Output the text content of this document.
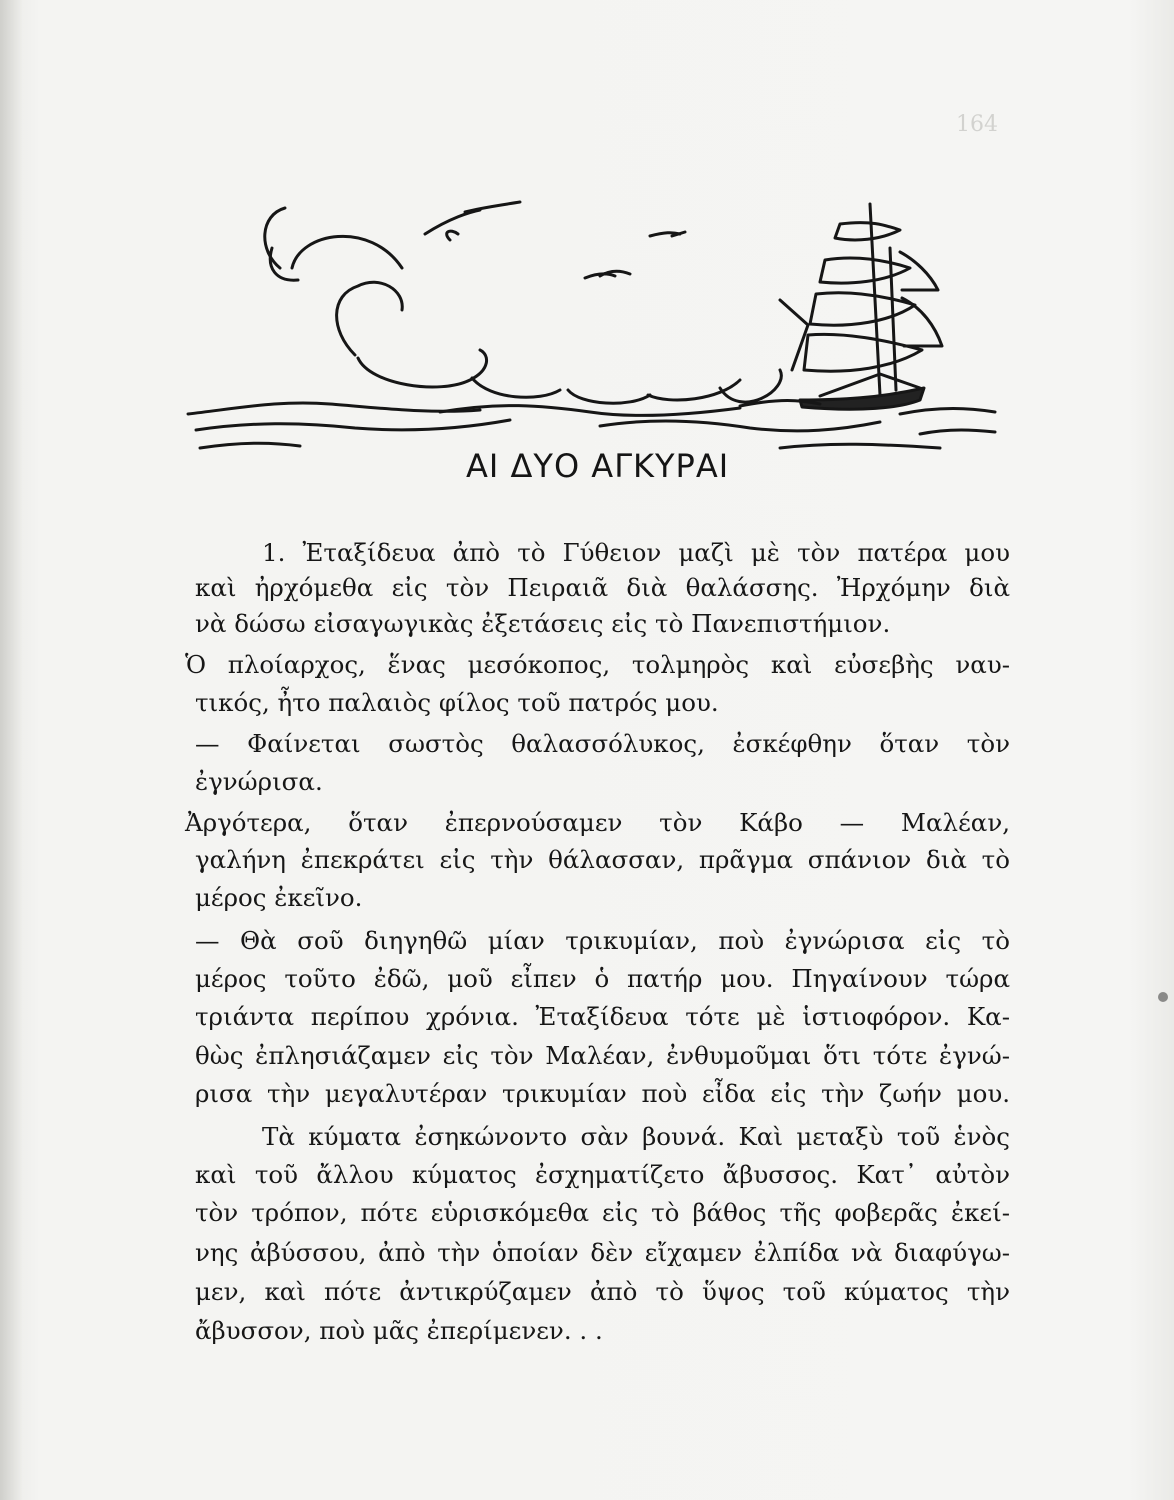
164
ΑΙ ΔΥΟ ΑΓΚΥΡΑΙ
1. Ἐταξίδευα ἀπὸ τὸ Γύθειον μαζὶ μὲ τὸν πατέρα μου
καὶ ἠρχόμεθα εἰς τὸν Πειραιᾶ διὰ θαλάσσης. Ἠρχόμην διὰ
νὰ δώσω εἰσαγωγικὰς ἐξετάσεις εἰς τὸ Πανεπιστήμιον.
Ὁ πλοίαρχος, ἕνας μεσόκοπος, τολμηρὸς καὶ εὐσεβὴς ναυ-
τικός, ἦτο παλαιὸς φίλος τοῦ πατρός μου.
— Φαίνεται σωστὸς θαλασσόλυκος, ἐσκέφθην ὅταν τὸν
ἐγνώρισα.
Ἀργότερα, ὅταν ἐπερνούσαμεν τὸν Κάβο — Μαλέαν,
γαλήνη ἐπεκράτει εἰς τὴν θάλασσαν, πρᾶγμα σπάνιον διὰ τὸ
μέρος ἐκεῖνο.
— Θὰ σοῦ διηγηθῶ μίαν τρικυμίαν, ποὺ ἐγνώρισα εἰς τὸ
μέρος τοῦτο ἐδῶ, μοῦ εἶπεν ὁ πατήρ μου. Πηγαίνουν τώρα
τριάντα περίπου χρόνια. Ἐταξίδευα τότε μὲ ἱστιοφόρον. Κα-
θὼς ἐπλησιάζαμεν εἰς τὸν Μαλέαν, ἐνθυμοῦμαι ὅτι τότε ἐγνώ-
ρισα τὴν μεγαλυτέραν τρικυμίαν ποὺ εἶδα εἰς τὴν ζωήν μου.
Τὰ κύματα ἐσηκώνοντο σὰν βουνά. Καὶ μεταξὺ τοῦ ἑνὸς
καὶ τοῦ ἄλλου κύματος ἐσχηματίζετο ἄβυσσος. Κατ᾽ αὐτὸν
τὸν τρόπον, πότε εὑρισκόμεθα εἰς τὸ βάθος τῆς φοβερᾶς ἐκεί-
νης ἀβύσσου, ἀπὸ τὴν ὁποίαν δὲν εἴχαμεν ἐλπίδα νὰ διαφύγω-
μεν, καὶ πότε ἀντικρύζαμεν ἀπὸ τὸ ὕψος τοῦ κύματος τὴν
ἄβυσσον, ποὺ μᾶς ἐπερίμενεν. . .
